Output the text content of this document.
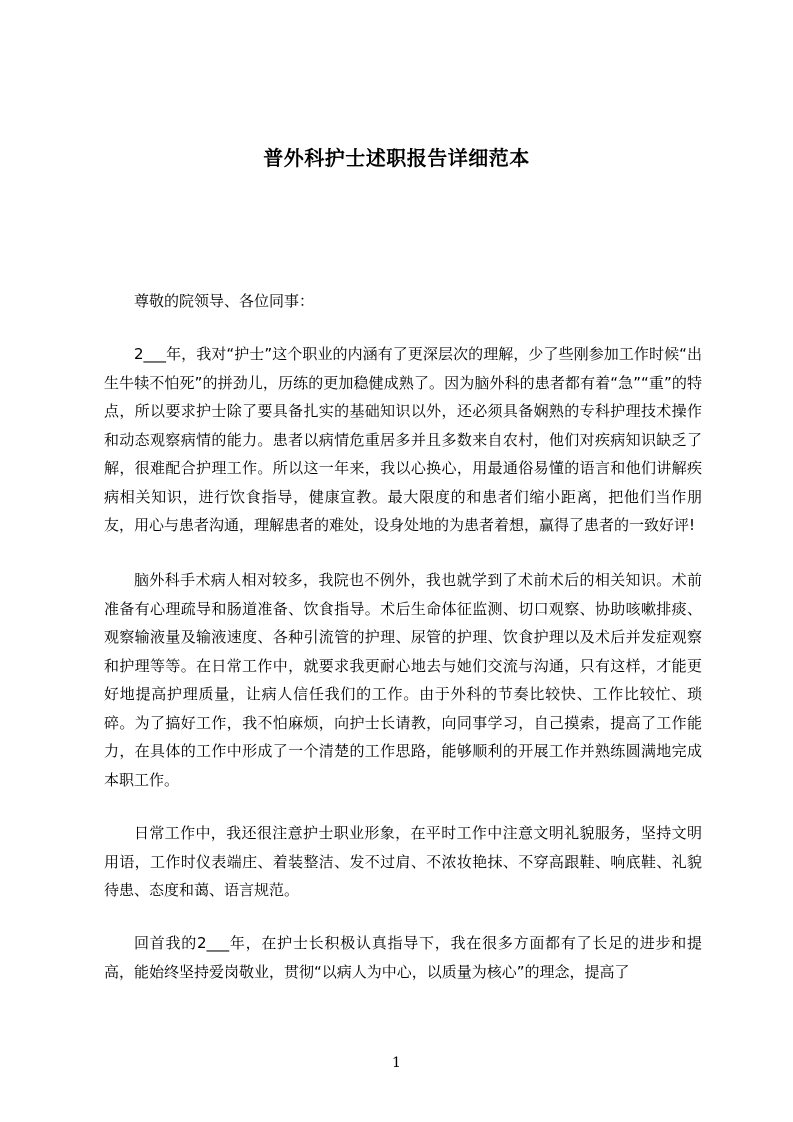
普外科护士述职报告详细范本

尊敬的院领导、各位同事：

2___年，我对“护士”这个职业的内涵有了更深层次的理解，少了些刚参加工作时候“出生牛犊不怕死”的拼劲儿，历练的更加稳健成熟了。因为脑外科的患者都有着“急”“重”的特点，所以要求护士除了要具备扎实的基础知识以外，还必须具备娴熟的专科护理技术操作和动态观察病情的能力。患者以病情危重居多并且多数来自农村，他们对疾病知识缺乏了解，很难配合护理工作。所以这一年来，我以心换心，用最通俗易懂的语言和他们讲解疾病相关知识，进行饮食指导，健康宣教。最大限度的和患者们缩小距离，把他们当作朋友，用心与患者沟通，理解患者的难处，设身处地的为患者着想，赢得了患者的一致好评!

脑外科手术病人相对较多，我院也不例外，我也就学到了术前术后的相关知识。术前准备有心理疏导和肠道准备、饮食指导。术后生命体征监测、切口观察、协助咳嗽排痰、观察输液量及输液速度、各种引流管的护理、尿管的护理、饮食护理以及术后并发症观察和护理等等。在日常工作中，就要求我更耐心地去与她们交流与沟通，只有这样，才能更好地提高护理质量，让病人信任我们的工作。由于外科的节奏比较快、工作比较忙、琐碎。为了搞好工作，我不怕麻烦，向护士长请教，向同事学习，自己摸索，提高了工作能力，在具体的工作中形成了一个清楚的工作思路，能够顺利的开展工作并熟练圆满地完成本职工作。

日常工作中，我还很注意护士职业形象，在平时工作中注意文明礼貌服务，坚持文明用语，工作时仪表端庄、着装整洁、发不过肩、不浓妆艳抹、不穿高跟鞋、响底鞋、礼貌待患、态度和蔼、语言规范。

回首我的2___年，在护士长积极认真指导下，我在很多方面都有了长足的进步和提高，能始终坚持爱岗敬业，贯彻“以病人为中心，以质量为核心”的理念，提高了

1
